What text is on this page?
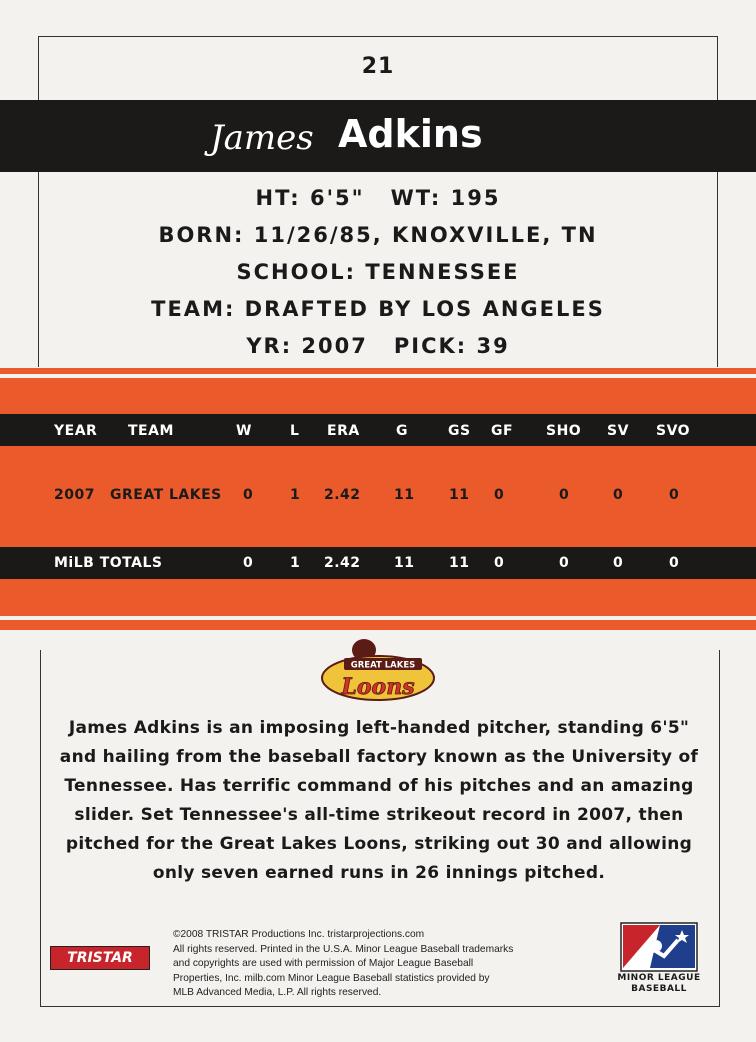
21
James Adkins
HT: 6'5" WT: 195
BORN: 11/26/85, KNOXVILLE, TN
SCHOOL: TENNESSEE
TEAM: DRAFTED BY LOS ANGELES
YR: 2007 PICK: 39
YEAR TEAM	W	L ERA	G	GS GF SHO SV SVO
2007 GREAT LAKES 0	1 2.42 11 11 0	0	0	0
MiLB TOTALS	0	1 2.42 11 11 0	0	0	0
GREAT LAKES
Loons

James Adkins is an imposing left-handed pitcher, standing 6'5"

and hailing from the baseball factory known as the University of

Tennessee. Has terrific command of his pitches and an amazing

slider. Set Tennessee's all-time strikeout record in 2007, then

pitched for the Great Lakes Loons, striking out 30 and allowing

only seven earned runs in 26 innings pitched.

TRISTAR
©2008 TRISTAR Productions Inc. tristarprojections.com
All rights reserved. Printed in the U.S.A. Minor League Baseball trademarks
and copyrights are used with permission of Major League Baseball
Properties, Inc. milb.com Minor League Baseball statistics provided by
MLB Advanced Media, L.P. All rights reserved.
MINOR LEAGUE
BASEBALL
